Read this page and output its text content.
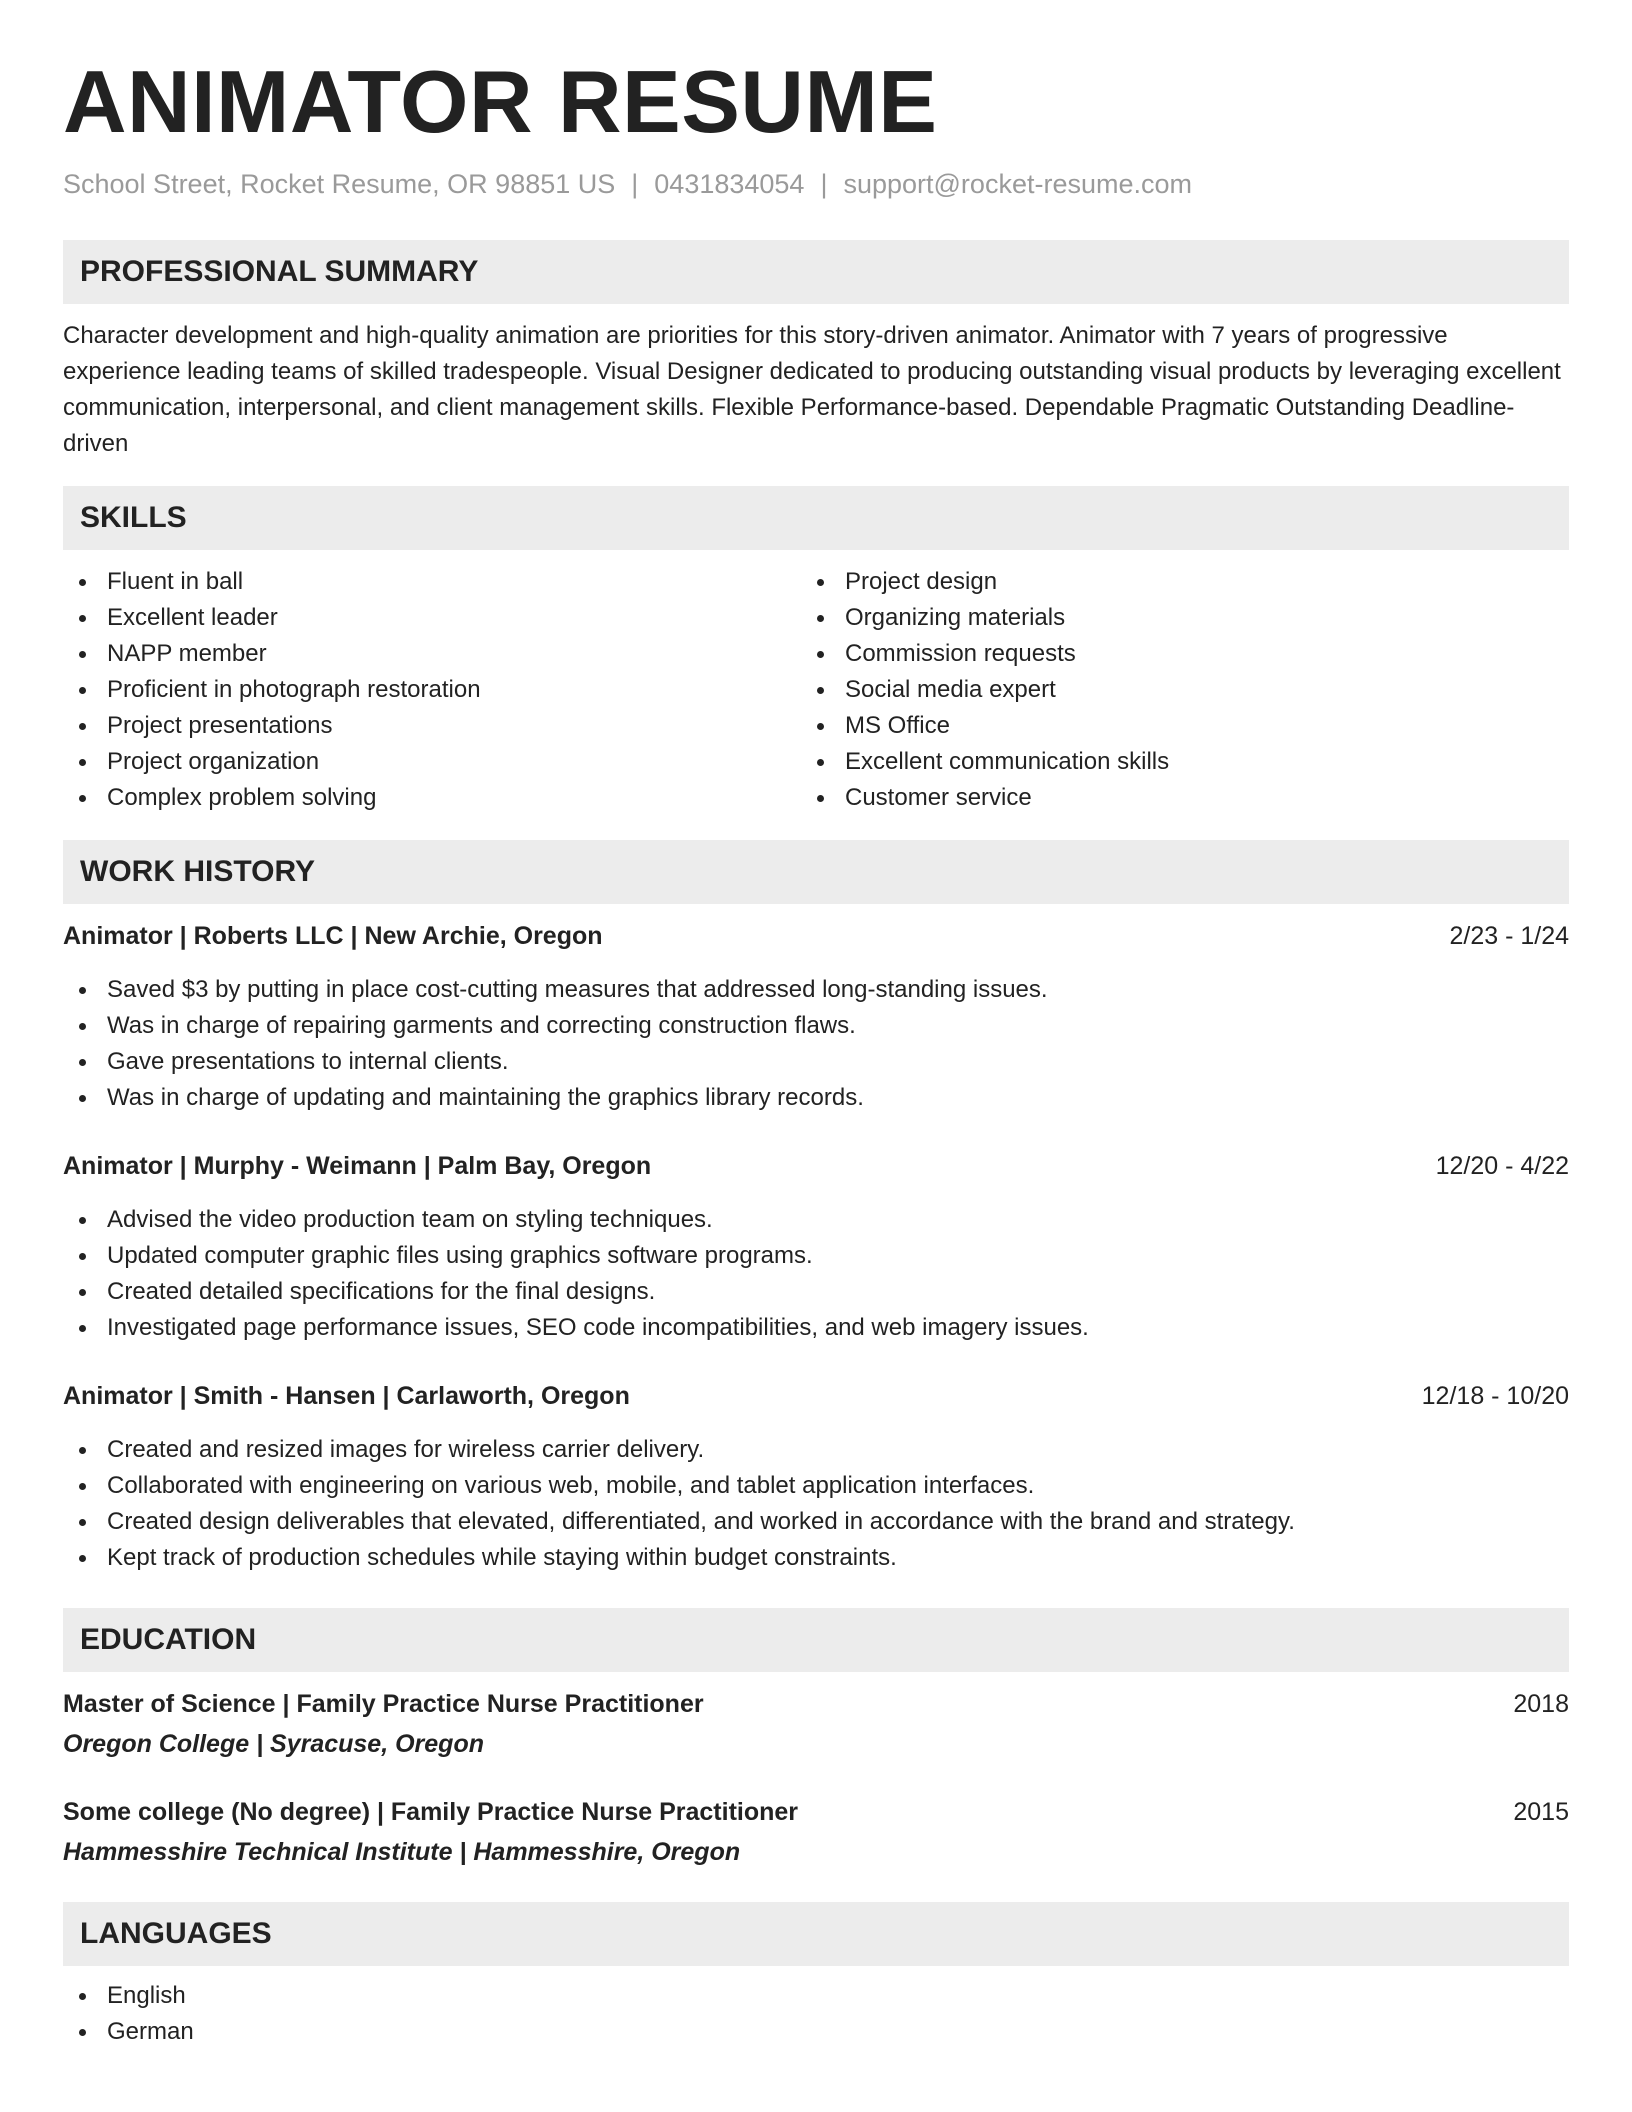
ANIMATOR RESUME
School Street, Rocket Resume, OR 98851 US | 0431834054 | support@rocket-resume.com
PROFESSIONAL SUMMARY
Character development and high-quality animation are priorities for this story-driven animator. Animator with 7 years of progressive experience leading teams of skilled tradespeople. Visual Designer dedicated to producing outstanding visual products by leveraging excellent communication, interpersonal, and client management skills. Flexible Performance-based. Dependable Pragmatic Outstanding Deadline-driven
SKILLS
Fluent in ball
Excellent leader
NAPP member
Proficient in photograph restoration
Project presentations
Project organization
Complex problem solving
Project design
Organizing materials
Commission requests
Social media expert
MS Office
Excellent communication skills
Customer service
WORK HISTORY
Animator | Roberts LLC | New Archie, Oregon	2/23 - 1/24
Saved $3 by putting in place cost-cutting measures that addressed long-standing issues.
Was in charge of repairing garments and correcting construction flaws.
Gave presentations to internal clients.
Was in charge of updating and maintaining the graphics library records.
Animator | Murphy - Weimann | Palm Bay, Oregon	12/20 - 4/22
Advised the video production team on styling techniques.
Updated computer graphic files using graphics software programs.
Created detailed specifications for the final designs.
Investigated page performance issues, SEO code incompatibilities, and web imagery issues.
Animator | Smith - Hansen | Carlaworth, Oregon	12/18 - 10/20
Created and resized images for wireless carrier delivery.
Collaborated with engineering on various web, mobile, and tablet application interfaces.
Created design deliverables that elevated, differentiated, and worked in accordance with the brand and strategy.
Kept track of production schedules while staying within budget constraints.
EDUCATION
Master of Science | Family Practice Nurse Practitioner	2018
Oregon College | Syracuse, Oregon
Some college (No degree) | Family Practice Nurse Practitioner	2015
Hammesshire Technical Institute | Hammesshire, Oregon
LANGUAGES
English
German
